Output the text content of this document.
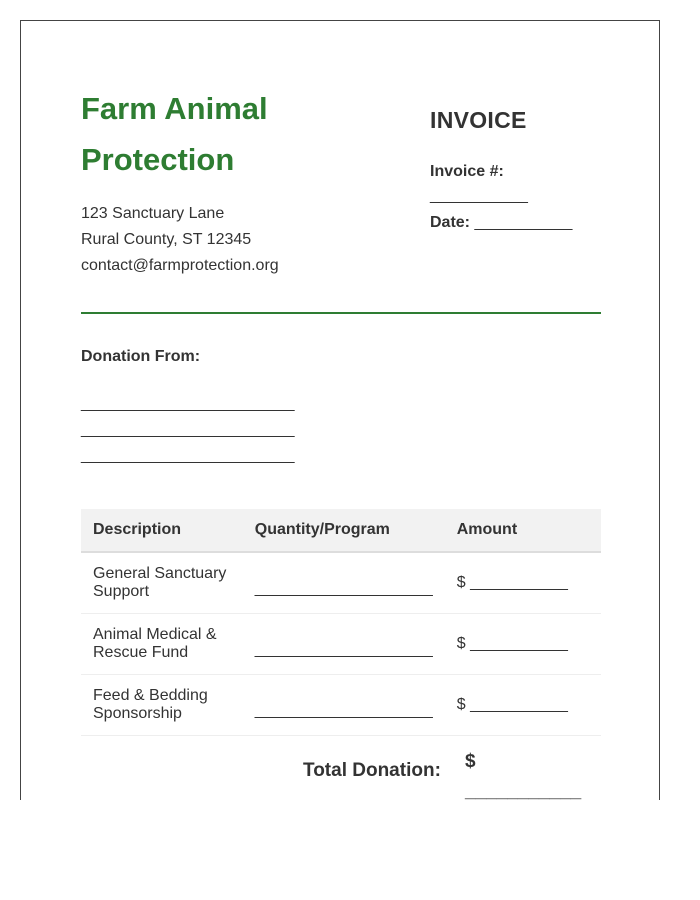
Farm Animal Protection
123 Sanctuary Lane
Rural County, ST 12345
contact@farmprotection.org
INVOICE
Invoice #:
___________
Date: ___________
Donation From:
________________________
________________________
________________________
Description	Quantity/Program	Amount

General Sanctuary
Support	____________________	$ ___________

Animal Medical &
Rescue Fund	____________________	$ ___________

Feed & Bedding
Sponsorship	____________________	$ ___________
Total Donation: $
___________
